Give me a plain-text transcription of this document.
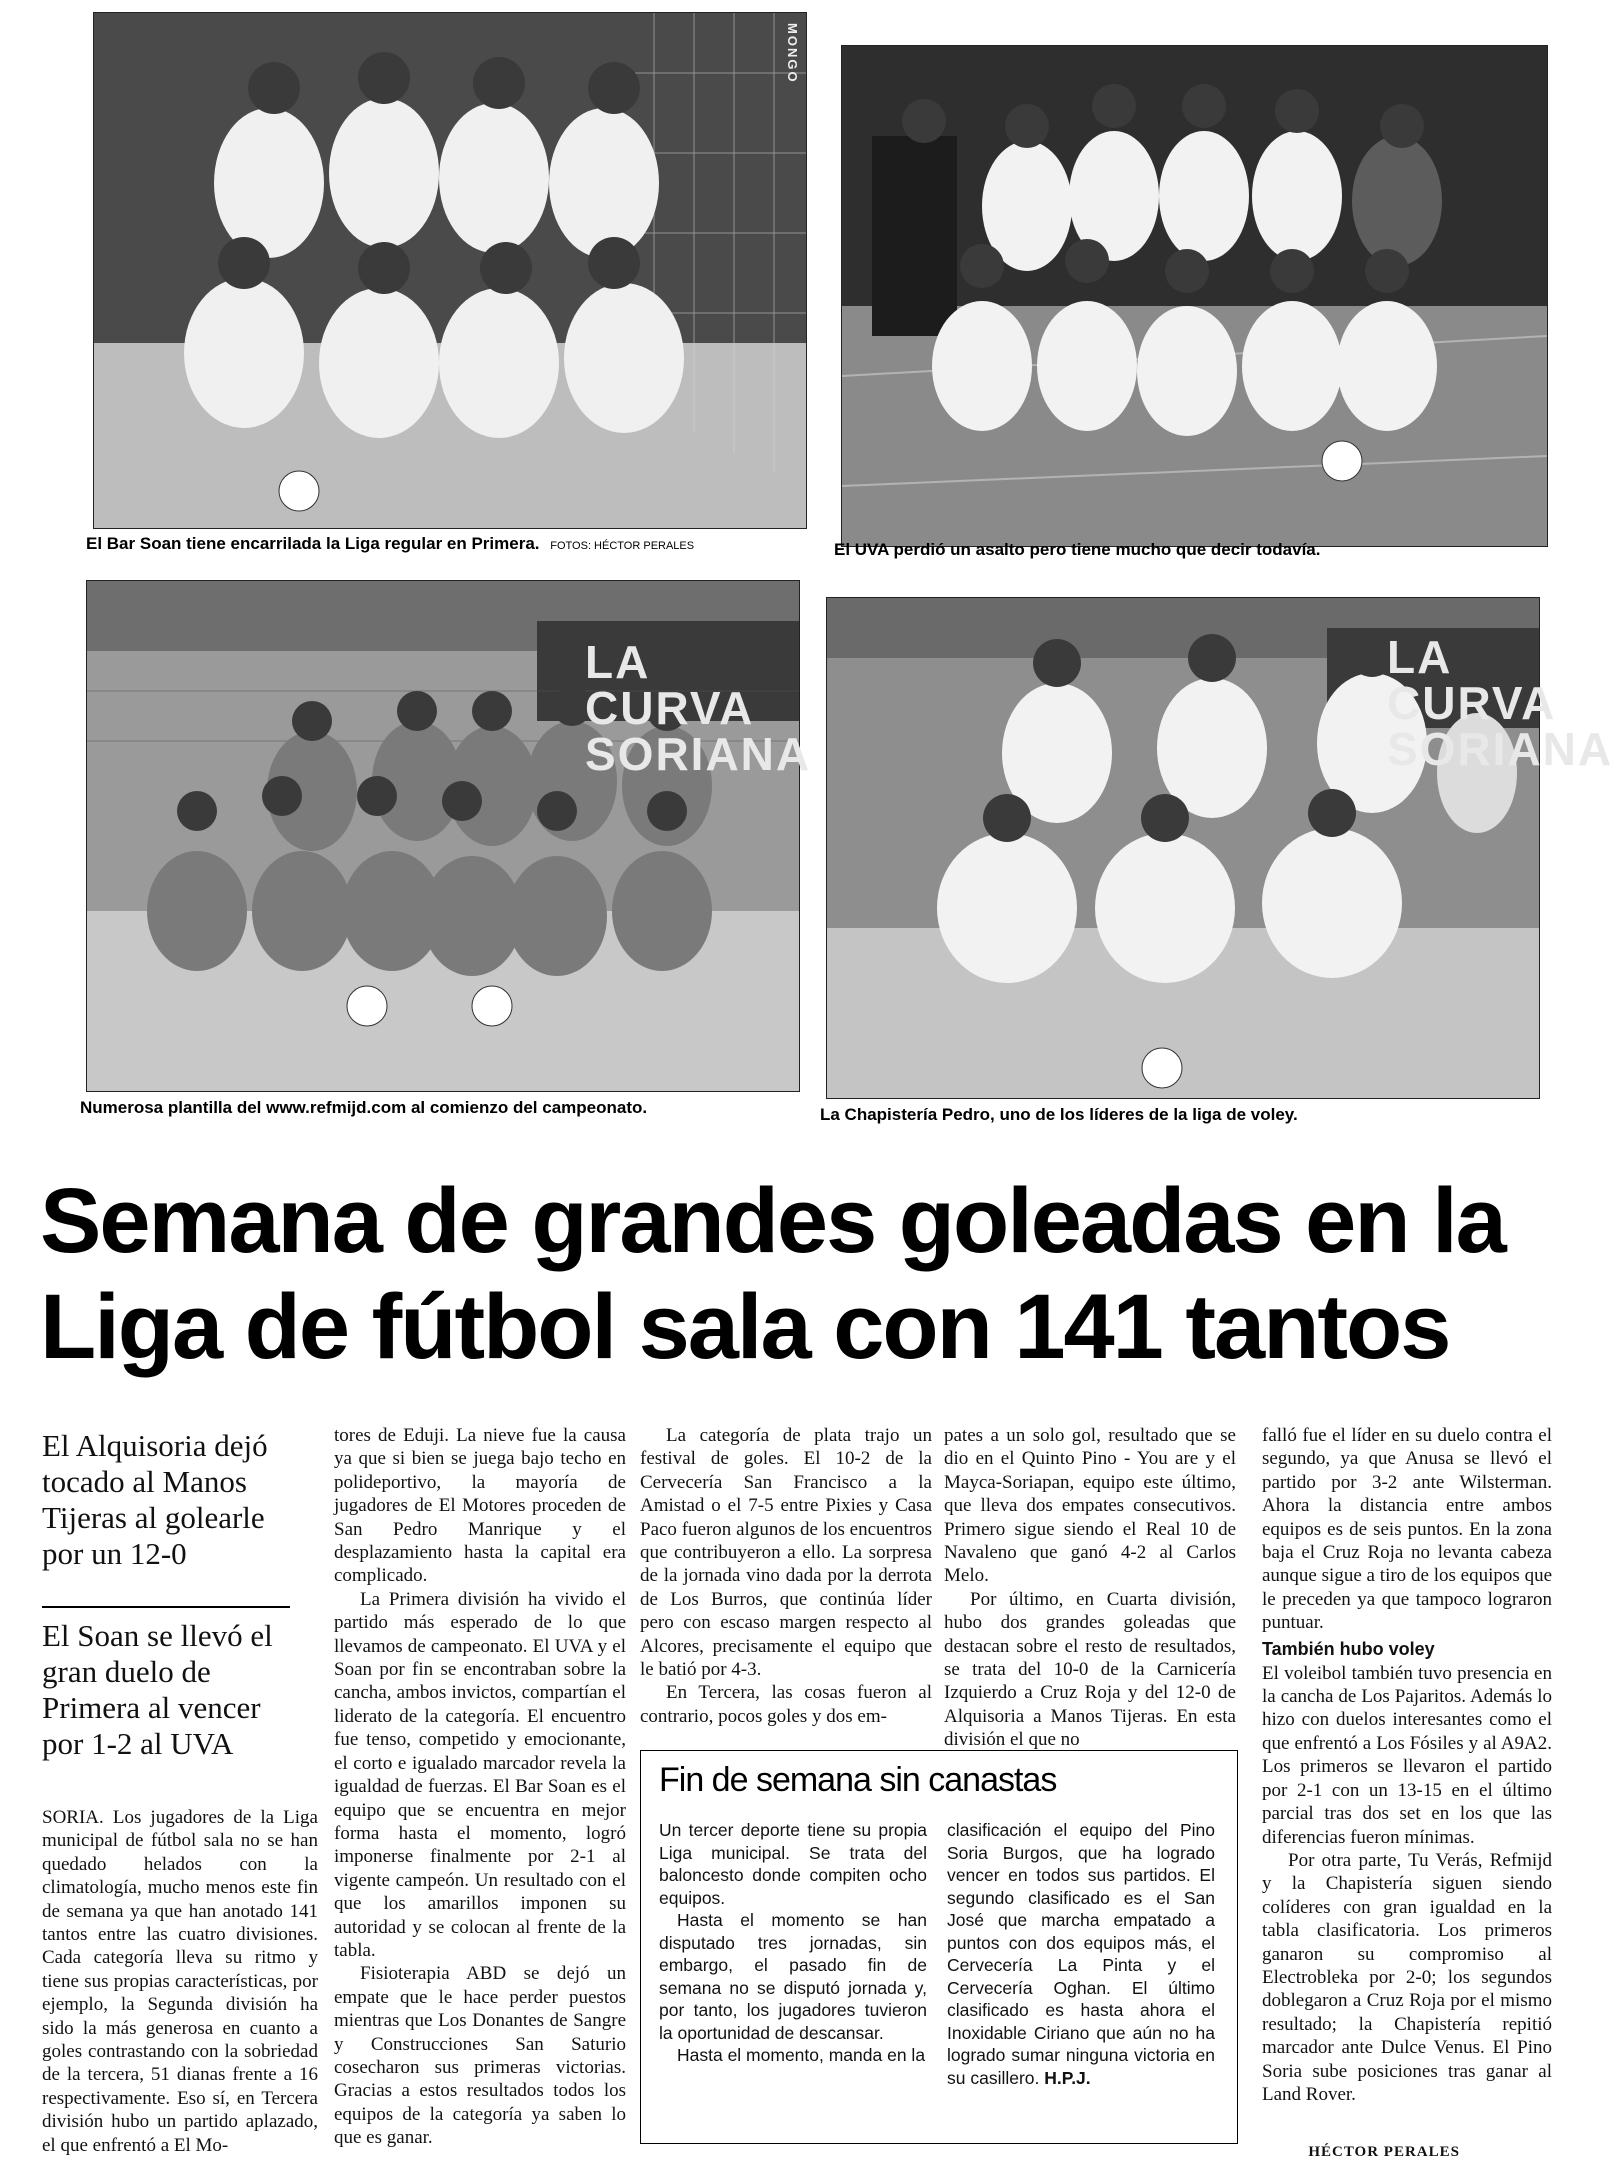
MONGO
El Bar Soan tiene encarrilada la Liga regular en Primera. FOTOS: HÉCTOR PERALES	El UVA perdió un asalto pero tiene mucho que decir todavía.
LA CURVA SORIANA
Numerosa plantilla del www.refmijd.com al comienzo del campeonato.
LA CURVA SORIANA
La Chapistería Pedro, uno de los líderes de la liga de voley.
Semana de grandes goleadas en la Liga de fútbol sala con 141 tantos
El Alquisoria dejó tocado al Manos Tijeras al golearle por un 12-0
El Soan se llevó el gran duelo de Primera al vencer por 1-2 al UVA

SORIA. Los jugadores de la Liga municipal de fútbol sala no se han quedado helados con la climatología, mucho menos este fin de semana ya que han anotado 141 tantos entre las cuatro divisiones. Cada categoría lleva su ritmo y tiene sus propias características, por ejemplo, la Segunda división ha sido la más generosa en cuanto a goles contrastando con la sobriedad de la tercera, 51 dianas frente a 16 respectivamente. Eso sí, en Tercera división hubo un partido aplazado, el que enfrentó a El Mo-

tores de Eduji. La nieve fue la causa ya que si bien se juega bajo techo en polideportivo, la mayoría de jugadores de El Motores proceden de San Pedro Manrique y el desplazamiento hasta la capital era complicado.

La Primera división ha vivido el partido más esperado de lo que llevamos de campeonato. El UVA y el Soan por fin se encontraban sobre la cancha, ambos invictos, compartían el liderato de la categoría. El encuentro fue tenso, competido y emocionante, el corto e igualado marcador revela la igualdad de fuerzas. El Bar Soan es el equipo que se encuentra en mejor forma hasta el momento, logró imponerse finalmente por 2-1 al vigente campeón. Un resultado con el que los amarillos imponen su autoridad y se colocan al frente de la tabla.

Fisioterapia ABD se dejó un empate que le hace perder puestos mientras que Los Donantes de Sangre y Construcciones San Saturio cosecharon sus primeras victorias. Gracias a estos resultados todos los equipos de la categoría ya saben lo que es ganar.

La categoría de plata trajo un festival de goles. El 10-2 de la Cervecería San Francisco a la Amistad o el 7-5 entre Pixies y Casa Paco fueron algunos de los encuentros que contribuyeron a ello. La sorpresa de la jornada vino dada por la derrota de Los Burros, que continúa líder pero con escaso margen respecto al Alcores, precisamente el equipo que le batió por 4-3.

En Tercera, las cosas fueron al contrario, pocos goles y dos em-

pates a un solo gol, resultado que se dio en el Quinto Pino - You are y el Mayca-Soriapan, equipo este último, que lleva dos empates consecutivos. Primero sigue siendo el Real 10 de Navaleno que ganó 4-2 al Carlos Melo.

Por último, en Cuarta división, hubo dos grandes goleadas que destacan sobre el resto de resultados, se trata del 10-0 de la Carnicería Izquierdo a Cruz Roja y del 12-0 de Alquisoria a Manos Tijeras. En esta división el que no

falló fue el líder en su duelo contra el segundo, ya que Anusa se llevó el partido por 3-2 ante Wilsterman. Ahora la distancia entre ambos equipos es de seis puntos. En la zona baja el Cruz Roja no levanta cabeza aunque sigue a tiro de los equipos que le preceden ya que tampoco lograron puntuar.

También hubo voley

El voleibol también tuvo presencia en la cancha de Los Pajaritos. Además lo hizo con duelos interesantes como el que enfrentó a Los Fósiles y al A9A2. Los primeros se llevaron el partido por 2-1 con un 13-15 en el último parcial tras dos set en los que las diferencias fueron mínimas.

Por otra parte, Tu Verás, Refmijd y la Chapistería siguen siendo colíderes con gran igualdad en la tabla clasificatoria. Los primeros ganaron su compromiso al Electrobleka por 2-0; los segundos doblegaron a Cruz Roja por el mismo resultado; la Chapistería repitió marcador ante Dulce Venus. El Pino Soria sube posiciones tras ganar al Land Rover.

Fin de semana sin canastas

Un tercer deporte tiene su propia Liga municipal. Se trata del baloncesto donde compiten ocho equipos.

Hasta el momento se han disputado tres jornadas, sin embargo, el pasado fin de semana no se disputó jornada y, por tanto, los jugadores tuvieron la oportunidad de descansar.

Hasta el momento, manda en la

clasificación el equipo del Pino Soria Burgos, que ha logrado vencer en todos sus partidos. El segundo clasificado es el San José que marcha empatado a puntos con dos equipos más, el Cervecería La Pinta y el Cervecería Oghan. El último clasificado es hasta ahora el Inoxidable Ciriano que aún no ha logrado sumar ninguna victoria en su casillero. H.P.J.

HÉCTOR PERALES
